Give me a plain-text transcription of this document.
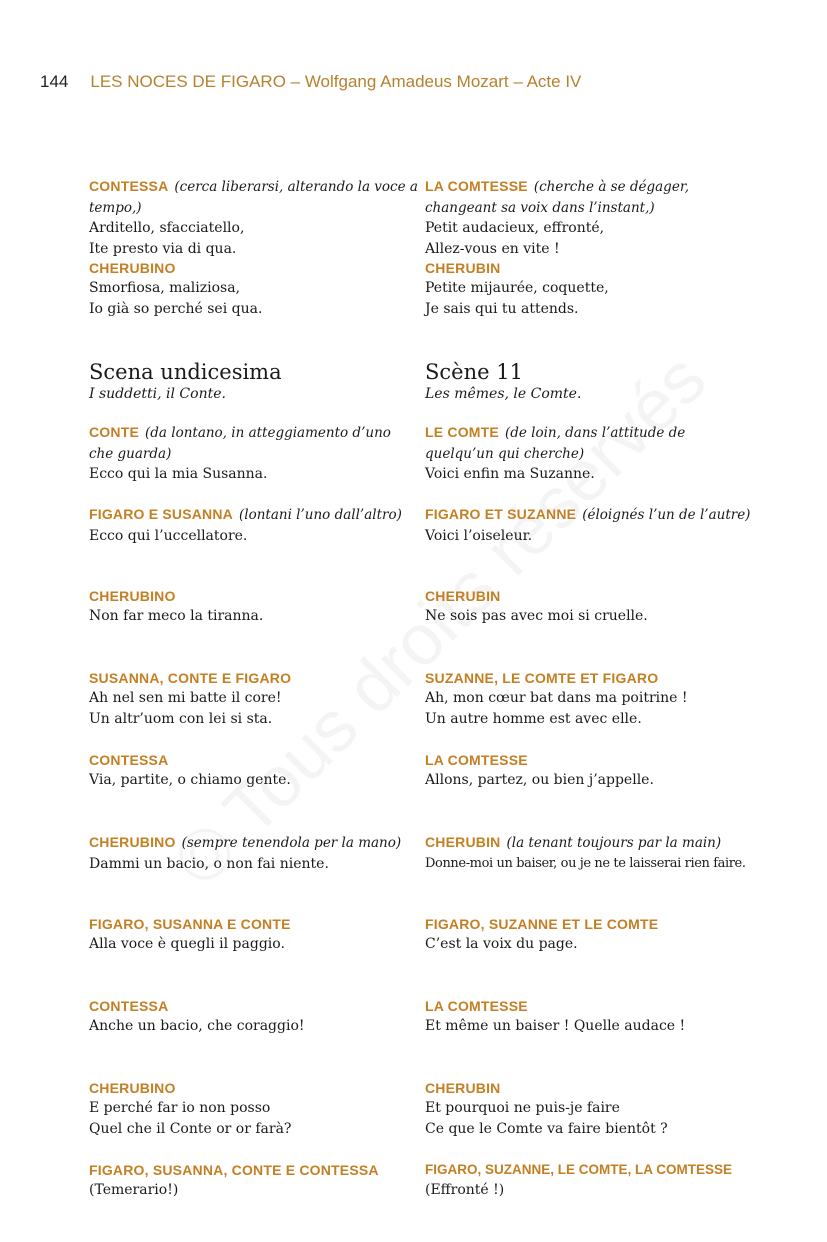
144 LES NOCES DE FIGARO – Wolfgang Amadeus Mozart – Acte IV
CONTESSA (cerca liberarsi, alterando la voce a tempo,)
Arditello, sfacciatello,
Ite presto via di qua.
CHERUBINO
Smorfiosa, maliziosa,
Io già so perché sei qua.
Scena undicesima
I suddetti, il Conte.
CONTE (da lontano, in atteggiamento d’uno che guarda)
Ecco qui la mia Susanna.
FIGARO E SUSANNA (lontani l’uno dall’altro)
Ecco qui l’uccellatore.
CHERUBINO
Non far meco la tiranna.
SUSANNA, CONTE E FIGARO
Ah nel sen mi batte il core!
Un altr’uom con lei si sta.
CONTESSA
Via, partite, o chiamo gente.
CHERUBINO (sempre tenendola per la mano)
Dammi un bacio, o non fai niente.
FIGARO, SUSANNA E CONTE
Alla voce è quegli il paggio.
CONTESSA
Anche un bacio, che coraggio!
CHERUBINO
E perché far io non posso
Quel che il Conte or or farà?
FIGARO, SUSANNA, CONTE E CONTESSA
(Temerario!)
LA COMTESSE (cherche à se dégager, changeant sa voix dans l’instant,)
Petit audacieux, effronté,
Allez-vous en vite !
CHERUBIN
Petite mijaurée, coquette,
Je sais qui tu attends.
Scène 11
Les mêmes, le Comte.
LE COMTE (de loin, dans l’attitude de quelqu’un qui cherche)
Voici enfin ma Suzanne.
FIGARO ET SUZANNE (éloignés l’un de l’autre)
Voici l’oiseleur.
CHERUBIN
Ne sois pas avec moi si cruelle.
SUZANNE, LE COMTE ET FIGARO
Ah, mon cœur bat dans ma poitrine !
Un autre homme est avec elle.
LA COMTESSE
Allons, partez, ou bien j’appelle.
CHERUBIN (la tenant toujours par la main)
Donne-moi un baiser, ou je ne te laisserai rien faire.
FIGARO, SUZANNE ET LE COMTE
C’est la voix du page.
LA COMTESSE
Et même un baiser ! Quelle audace !
CHERUBIN
Et pourquoi ne puis-je faire
Ce que le Comte va faire bientôt ?
FIGARO, SUZANNE, LE COMTE, LA COMTESSE
(Effronté !)
